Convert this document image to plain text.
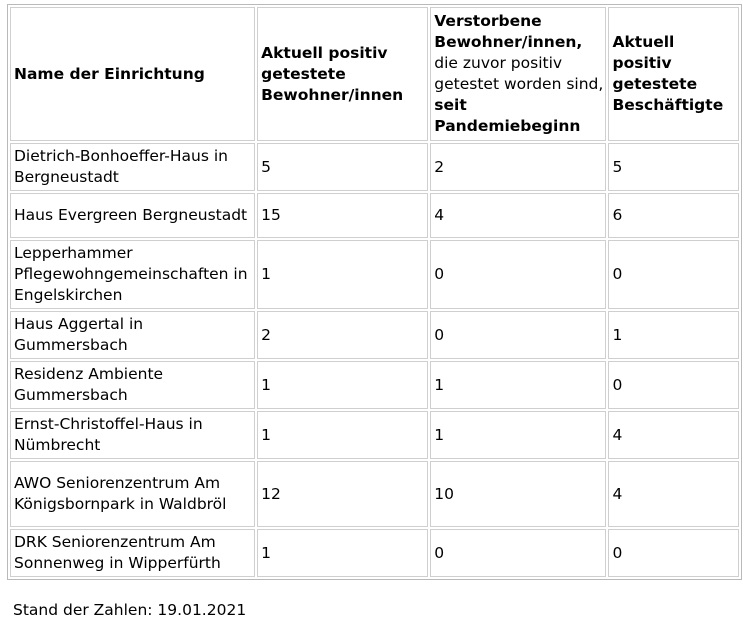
Name der Einrichtung	Aktuell positiv getestete Bewohner/innen	Verstorbene Bewohner/innen, die zuvor positiv getestet worden sind, seit Pandemiebeginn	Aktuell positiv getestete Beschäftigte
Dietrich-Bonhoeffer-Haus in Bergneustadt	5	2	5
Haus Evergreen Bergneustadt	15	4	6
Lepperhammer Pflegewohngemeinschaften in Engelskirchen	1	0	0
Haus Aggertal in Gummersbach	2	0	1
Residenz Ambiente Gummersbach	1	1	0
Ernst-Christoffel-Haus in Nümbrecht	1	1	4
AWO Seniorenzentrum Am Königsbornpark in Waldbröl	12	10	4
DRK Seniorenzentrum Am Sonnenweg in Wipperfürth	1	0	0
Stand der Zahlen: 19.01.2021
